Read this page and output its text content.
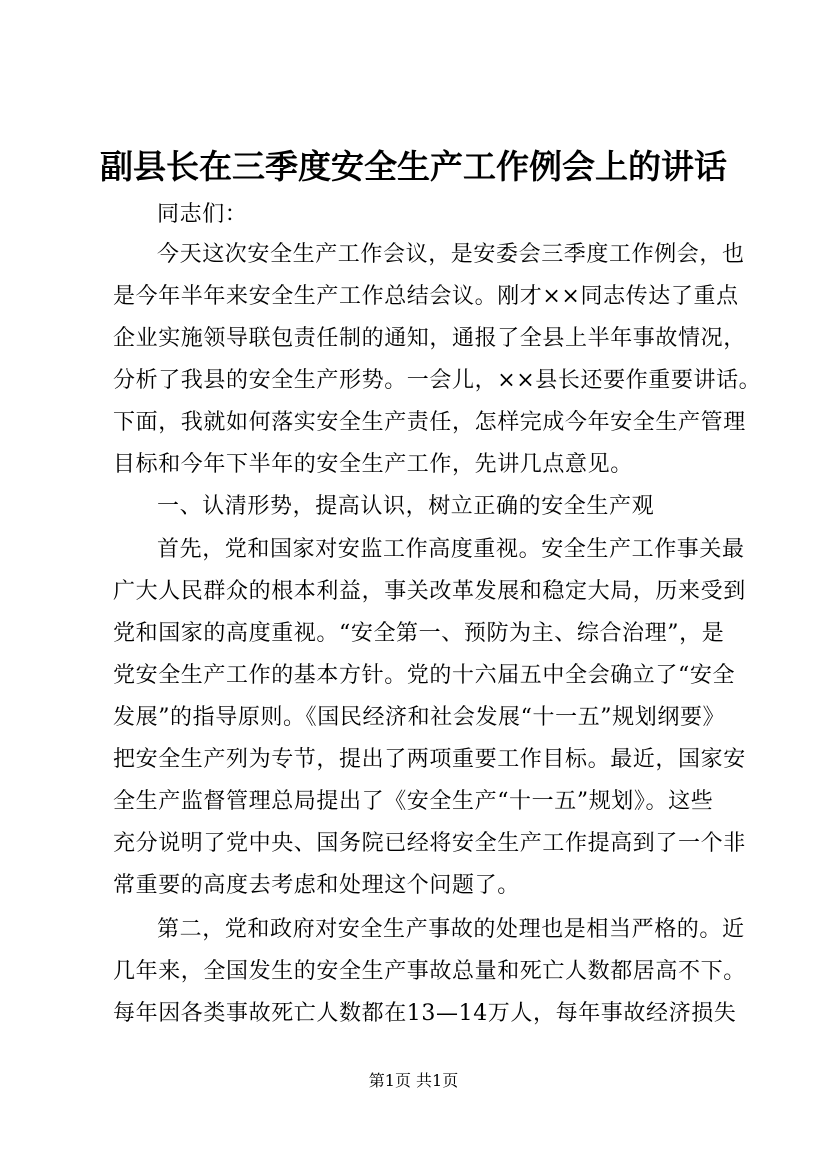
副县长在三季度安全生产工作例会上的讲话
同志们：
今天这次安全生产工作会议，是安委会三季度工作例会，也
是今年半年来安全生产工作总结会议。刚才××同志传达了重点
企业实施领导联包责任制的通知，通报了全县上半年事故情况，
分析了我县的安全生产形势。一会儿，××县长还要作重要讲话。
下面，我就如何落实安全生产责任，怎样完成今年安全生产管理
目标和今年下半年的安全生产工作，先讲几点意见。
一、认清形势，提高认识，树立正确的安全生产观
首先，党和国家对安监工作高度重视。安全生产工作事关最
广大人民群众的根本利益，事关改革发展和稳定大局，历来受到
党和国家的高度重视。“安全第一、预防为主、综合治理”，是
党安全生产工作的基本方针。党的十六届五中全会确立了“安全
发展”的指导原则。《国民经济和社会发展“十一五”规划纲要》
把安全生产列为专节，提出了两项重要工作目标。最近，国家安
全生产监督管理总局提出了《安全生产“十一五”规划》。这些
充分说明了党中央、国务院已经将安全生产工作提高到了一个非
常重要的高度去考虑和处理这个问题了。
第二，党和政府对安全生产事故的处理也是相当严格的。近
几年来，全国发生的安全生产事故总量和死亡人数都居高不下。
每年因各类事故死亡人数都在13—14万人，每年事故经济损失
第1页 共1页
